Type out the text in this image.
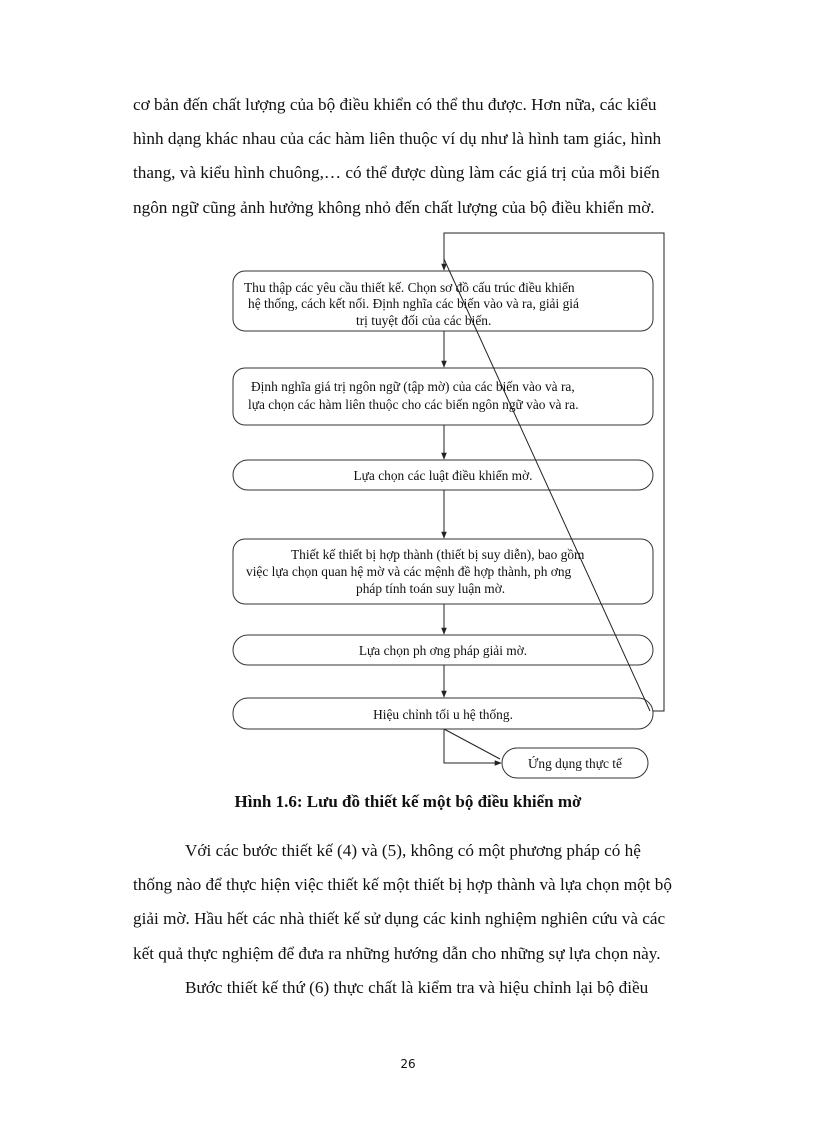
cơ bản đến chất lượng của bộ điều khiển có thể thu được. Hơn nữa, các kiểu

hình dạng khác nhau của các hàm liên thuộc ví dụ như là hình tam giác, hình

thang, và kiểu hình chuông,… có thể được dùng làm các giá trị của mỗi biến

ngôn ngữ cũng ảnh hưởng không nhỏ đến chất lượng của bộ điều khiển mờ.

Thu thập các yêu cầu thiết kế. Chọn sơ đồ cấu trúc điều khiển hệ thống, cách kết nối. Định nghĩa các biến vào và ra, giải giá trị tuyệt đối của các biến.
Định nghĩa giá trị ngôn ngữ (tập mờ) của các biến vào và ra, lựa chọn các hàm liên thuộc cho các biến ngôn ngữ vào và ra.
Lựa chọn các luật điều khiển mờ.
Thiết kế thiết bị hợp thành (thiết bị suy diễn), bao gồm việc lựa chọn quan hệ mờ và các mệnh đề hợp thành, ph ơng pháp tính toán suy luận mờ.
Lựa chọn ph ơng pháp giải mờ.
Hiệu chỉnh tối u hệ thống.
Ứng dụng thực tế
Hình 1.6: Lưu đồ thiết kế một bộ điều khiển mờ

Với các bước thiết kế (4) và (5), không có một phương pháp có hệ

thống nào để thực hiện việc thiết kế một thiết bị hợp thành và lựa chọn một bộ

giải mờ. Hầu hết các nhà thiết kế sử dụng các kinh nghiệm nghiên cứu và các

kết quả thực nghiệm để đưa ra những hướng dẫn cho những sự lựa chọn này.

Bước thiết kế thứ (6) thực chất là kiểm tra và hiệu chỉnh lại bộ điều

26
